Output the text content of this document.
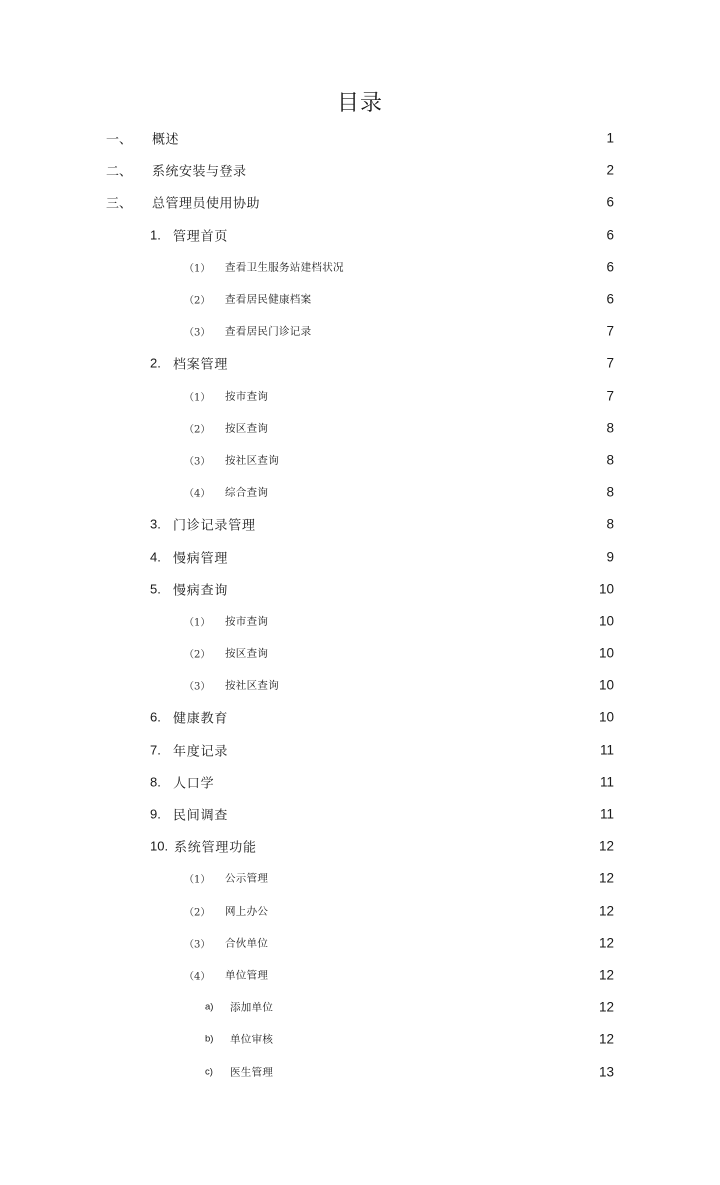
目录
一、 概述	1
二、 系统安装与登录	2
三、 总管理员使用协助	6
1. 管理首页	6
（1） 查看卫生服务站建档状况	6
（2） 查看居民健康档案	6
（3） 查看居民门诊记录	7
2. 档案管理	7
（1） 按市查询	7
（2） 按区查询	8
（3） 按社区查询	8
（4） 综合查询	8
3. 门诊记录管理	8
4. 慢病管理	9
5. 慢病查询	10
（1） 按市查询	10
（2） 按区查询	10
（3） 按社区查询	10
6. 健康教育	10
7. 年度记录	11
8. 人口学	11
9. 民间调查	11
10. 系统管理功能	12
（1） 公示管理	12
（2） 网上办公	12
（3） 合伙单位	12
（4） 单位管理	12
a) 添加单位	12
b) 单位审核	12
c) 医生管理	13
